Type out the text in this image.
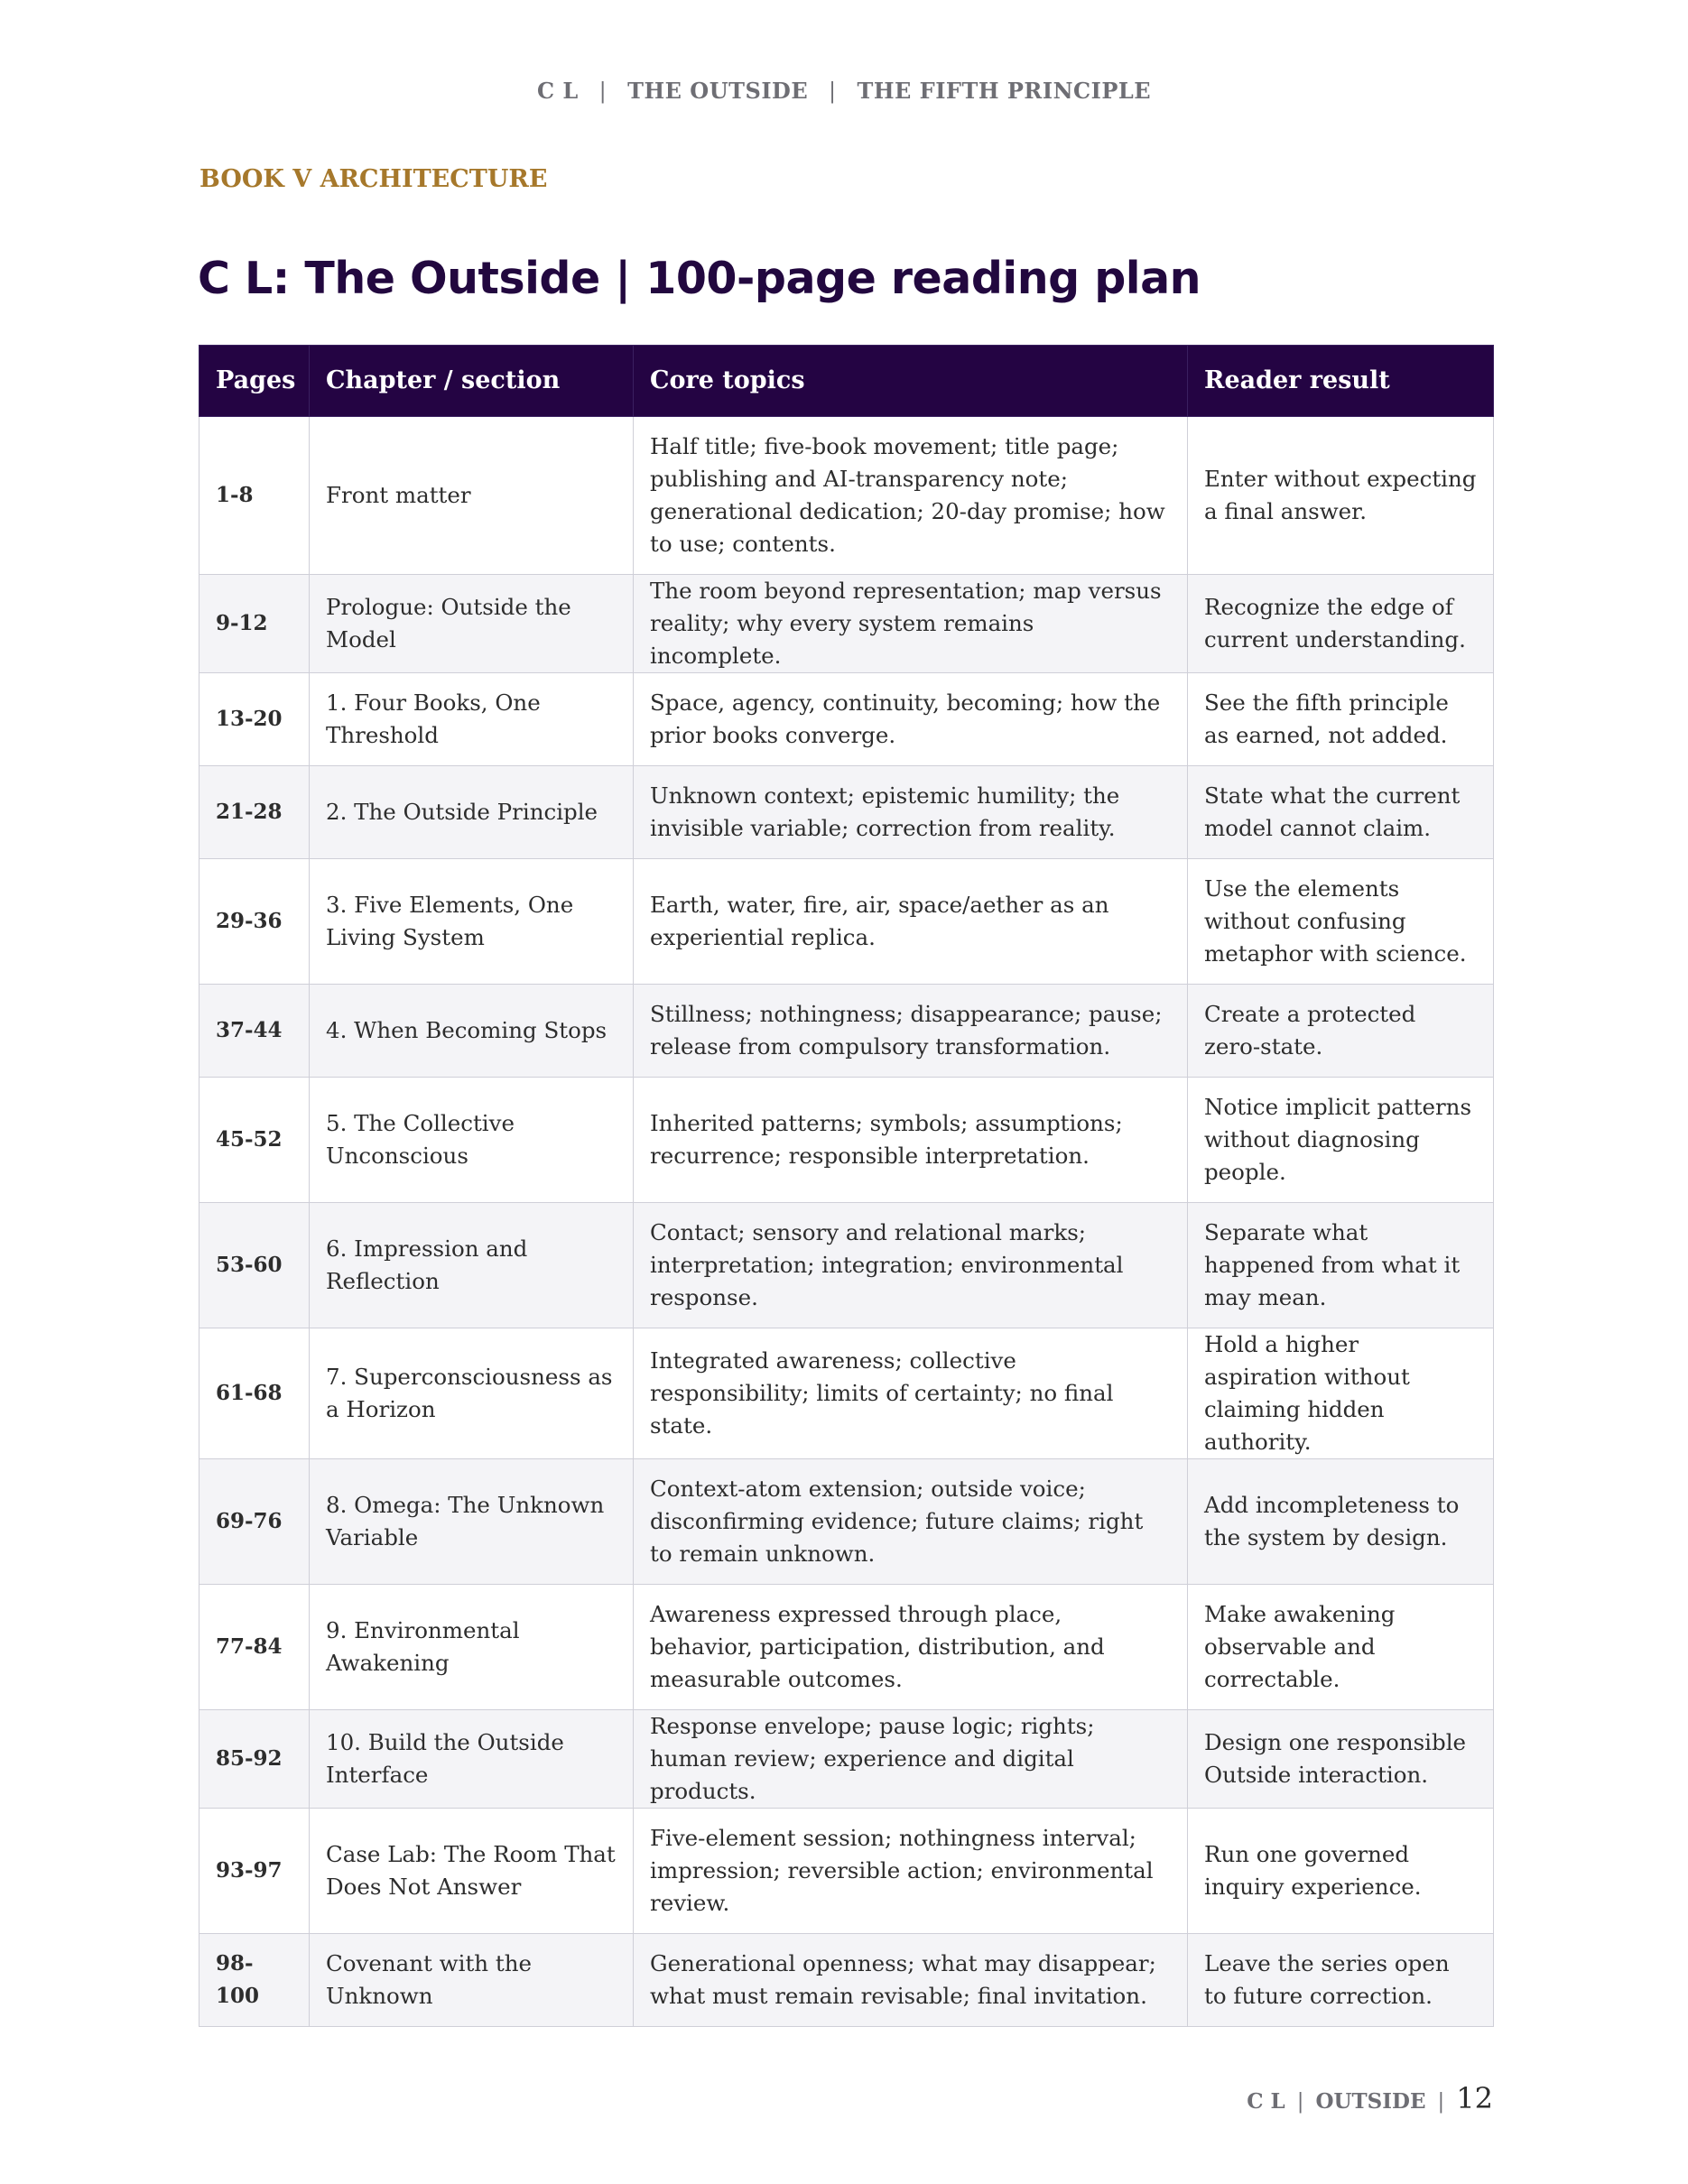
C L | THE OUTSIDE | THE FIFTH PRINCIPLE
BOOK V ARCHITECTURE
C L: The Outside | 100-page reading plan
Pages	Chapter / section	Core topics	Reader result
1-8	Front matter	Half title; five-book movement; title page; publishing and AI-transparency note; generational dedication; 20-day promise; how to use; contents.	Enter without expecting a final answer.
9-12	Prologue: Outside the Model	The room beyond representation; map versus reality; why every system remains incomplete.	Recognize the edge of current understanding.
13-20	1. Four Books, One Threshold	Space, agency, continuity, becoming; how the prior books converge.	See the fifth principle as earned, not added.
21-28	2. The Outside Principle	Unknown context; epistemic humility; the invisible variable; correction from reality.	State what the current model cannot claim.
29-36	3. Five Elements, One Living System	Earth, water, fire, air, space/aether as an experiential replica.	Use the elements without confusing metaphor with science.
37-44	4. When Becoming Stops	Stillness; nothingness; disappearance; pause; release from compulsory transformation.	Create a protected zero-state.
45-52	5. The Collective Unconscious	Inherited patterns; symbols; assumptions; recurrence; responsible interpretation.	Notice implicit patterns without diagnosing people.
53-60	6. Impression and Reflection	Contact; sensory and relational marks; interpretation; integration; environmental response.	Separate what happened from what it may mean.
61-68	7. Superconsciousness as a Horizon	Integrated awareness; collective responsibility; limits of certainty; no final state.	Hold a higher aspiration without claiming hidden authority.
69-76	8. Omega: The Unknown Variable	Context-atom extension; outside voice; disconfirming evidence; future claims; right to remain unknown.	Add incompleteness to the system by design.
77-84	9. Environmental Awakening	Awareness expressed through place, behavior, participation, distribution, and measurable outcomes.	Make awakening observable and correctable.
85-92	10. Build the Outside Interface	Response envelope; pause logic; rights; human review; experience and digital products.	Design one responsible Outside interaction.
93-97	Case Lab: The Room That Does Not Answer	Five-element session; nothingness interval; impression; reversible action; environmental review.	Run one governed inquiry experience.
98-100	Covenant with the Unknown	Generational openness; what may disappear; what must remain revisable; final invitation.	Leave the series open to future correction.
C L | OUTSIDE | 12
